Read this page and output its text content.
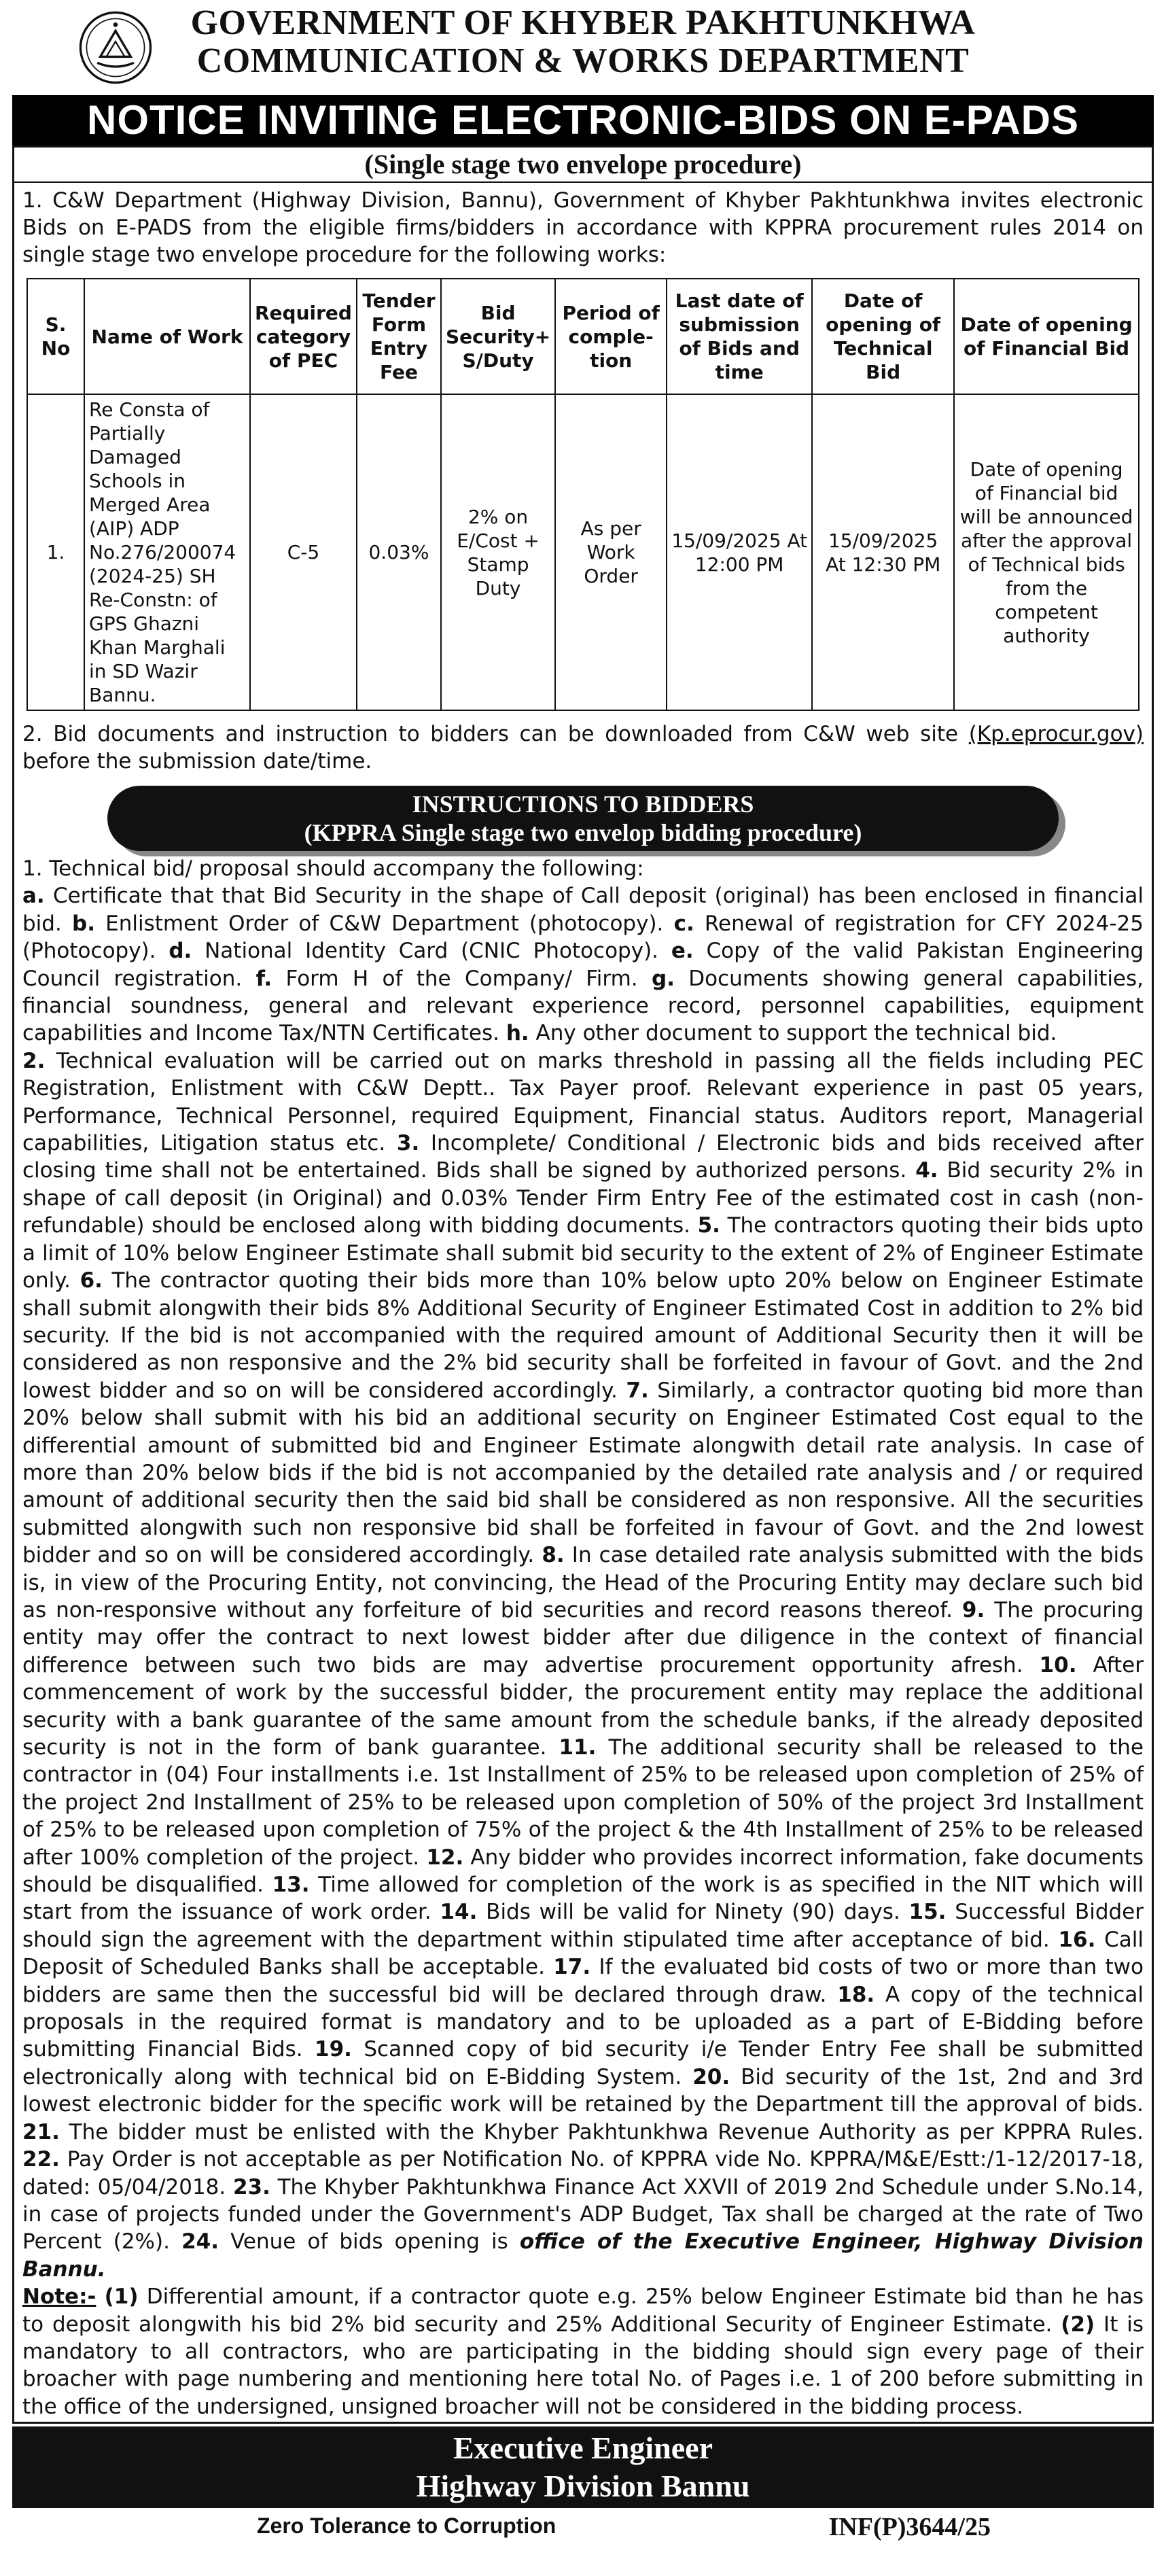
GOVERNMENT OF KHYBER PAKHTUNKHWA
COMMUNICATION & WORKS DEPARTMENT
NOTICE INVITING ELECTRONIC-BIDS ON E-PADS
(Single stage two envelope procedure)
1. C&W Department (Highway Division, Bannu), Government of Khyber Pakhtunkhwa invites electronic Bids on E-PADS from the eligible firms/bidders in accordance with KPPRA procurement rules 2014 on single stage two envelope procedure for the following works:
S. No	Name of Work	Required category of PEC	Tender Form Entry Fee	Bid Security+ S/Duty	Period of comple-tion	Last date of submission of Bids and time	Date of opening of Technical Bid	Date of opening of Financial Bid
1.	Re Consta of Partially Damaged Schools in Merged Area (AIP) ADP No.276/200074 (2024-25) SH Re-Constn: of GPS Ghazni Khan Marghali in SD Wazir Bannu.	C-5	0.03%	2% on E/Cost + Stamp Duty	As per Work Order	15/09/2025 At 12:00 PM	15/09/2025 At 12:30 PM	Date of opening of Financial bid will be announced after the approval of Technical bids from the competent authority
2. Bid documents and instruction to bidders can be downloaded from C&W web site (Kp.eprocur.gov) before the submission date/time.
INSTRUCTIONS TO BIDDERS
(KPPRA Single stage two envelop bidding procedure)

1. Technical bid/ proposal should accompany the following:

a. Certificate that that Bid Security in the shape of Call deposit (original) has been enclosed in financial bid. b. Enlistment Order of C&W Department (photocopy). c. Renewal of registration for CFY 2024-25 (Photocopy). d. National Identity Card (CNIC Photocopy). e. Copy of the valid Pakistan Engineering Council registration. f. Form H of the Company/ Firm. g. Documents showing general capabilities, financial soundness, general and relevant experience record, personnel capabilities, equipment capabilities and Income Tax/NTN Certificates. h. Any other document to support the technical bid.

2. Technical evaluation will be carried out on marks threshold in passing all the fields including PEC Registration, Enlistment with C&W Deptt.. Tax Payer proof. Relevant experience in past 05 years, Performance, Technical Personnel, required Equipment, Financial status. Auditors report, Managerial capabilities, Litigation status etc. 3. Incomplete/ Conditional / Electronic bids and bids received after closing time shall not be entertained. Bids shall be signed by authorized persons. 4. Bid security 2% in shape of call deposit (in Original) and 0.03% Tender Firm Entry Fee of the estimated cost in cash (non-refundable) should be enclosed along with bidding documents. 5. The contractors quoting their bids upto a limit of 10% below Engineer Estimate shall submit bid security to the extent of 2% of Engineer Estimate only. 6. The contractor quoting their bids more than 10% below upto 20% below on Engineer Estimate shall submit alongwith their bids 8% Additional Security of Engineer Estimated Cost in addition to 2% bid security. If the bid is not accompanied with the required amount of Additional Security then it will be considered as non responsive and the 2% bid security shall be forfeited in favour of Govt. and the 2nd lowest bidder and so on will be considered accordingly. 7. Similarly, a contractor quoting bid more than 20% below shall submit with his bid an additional security on Engineer Estimated Cost equal to the differential amount of submitted bid and Engineer Estimate alongwith detail rate analysis. In case of more than 20% below bids if the bid is not accompanied by the detailed rate analysis and / or required amount of additional security then the said bid shall be considered as non responsive. All the securities submitted alongwith such non responsive bid shall be forfeited in favour of Govt. and the 2nd lowest bidder and so on will be considered accordingly. 8. In case detailed rate analysis submitted with the bids is, in view of the Procuring Entity, not convincing, the Head of the Procuring Entity may declare such bid as non-responsive without any forfeiture of bid securities and record reasons thereof. 9. The procuring entity may offer the contract to next lowest bidder after due diligence in the context of financial difference between such two bids are may advertise procurement opportunity afresh. 10. After commencement of work by the successful bidder, the procurement entity may replace the additional security with a bank guarantee of the same amount from the schedule banks, if the already deposited security is not in the form of bank guarantee. 11. The additional security shall be released to the contractor in (04) Four installments i.e. 1st Installment of 25% to be released upon completion of 25% of the project 2nd Installment of 25% to be released upon completion of 50% of the project 3rd Installment of 25% to be released upon completion of 75% of the project & the 4th Installment of 25% to be released after 100% completion of the project. 12. Any bidder who provides incorrect information, fake documents should be disqualified. 13. Time allowed for completion of the work is as specified in the NIT which will start from the issuance of work order. 14. Bids will be valid for Ninety (90) days. 15. Successful Bidder should sign the agreement with the department within stipulated time after acceptance of bid. 16. Call Deposit of Scheduled Banks shall be acceptable. 17. If the evaluated bid costs of two or more than two bidders are same then the successful bid will be declared through draw. 18. A copy of the technical proposals in the required format is mandatory and to be uploaded as a part of E-Bidding before submitting Financial Bids. 19. Scanned copy of bid security i/e Tender Entry Fee shall be submitted electronically along with technical bid on E-Bidding System. 20. Bid security of the 1st, 2nd and 3rd lowest electronic bidder for the specific work will be retained by the Department till the approval of bids. 21. The bidder must be enlisted with the Khyber Pakhtunkhwa Revenue Authority as per KPPRA Rules. 22. Pay Order is not acceptable as per Notification No. of KPPRA vide No. KPPRA/M&E/Estt:/1-12/2017-18, dated: 05/04/2018. 23. The Khyber Pakhtunkhwa Finance Act XXVII of 2019 2nd Schedule under S.No.14, in case of projects funded under the Government's ADP Budget, Tax shall be charged at the rate of Two Percent (2%). 24. Venue of bids opening is office of the Executive Engineer, Highway Division Bannu.

Note:- (1) Differential amount, if a contractor quote e.g. 25% below Engineer Estimate bid than he has to deposit alongwith his bid 2% bid security and 25% Additional Security of Engineer Estimate. (2) It is mandatory to all contractors, who are participating in the bidding should sign every page of their broacher with page numbering and mentioning here total No. of Pages i.e. 1 of 200 before submitting in the office of the undersigned, unsigned broacher will not be considered in the bidding process.

Executive Engineer
Highway Division Bannu
Zero Tolerance to Corruption	INF(P)3644/25
